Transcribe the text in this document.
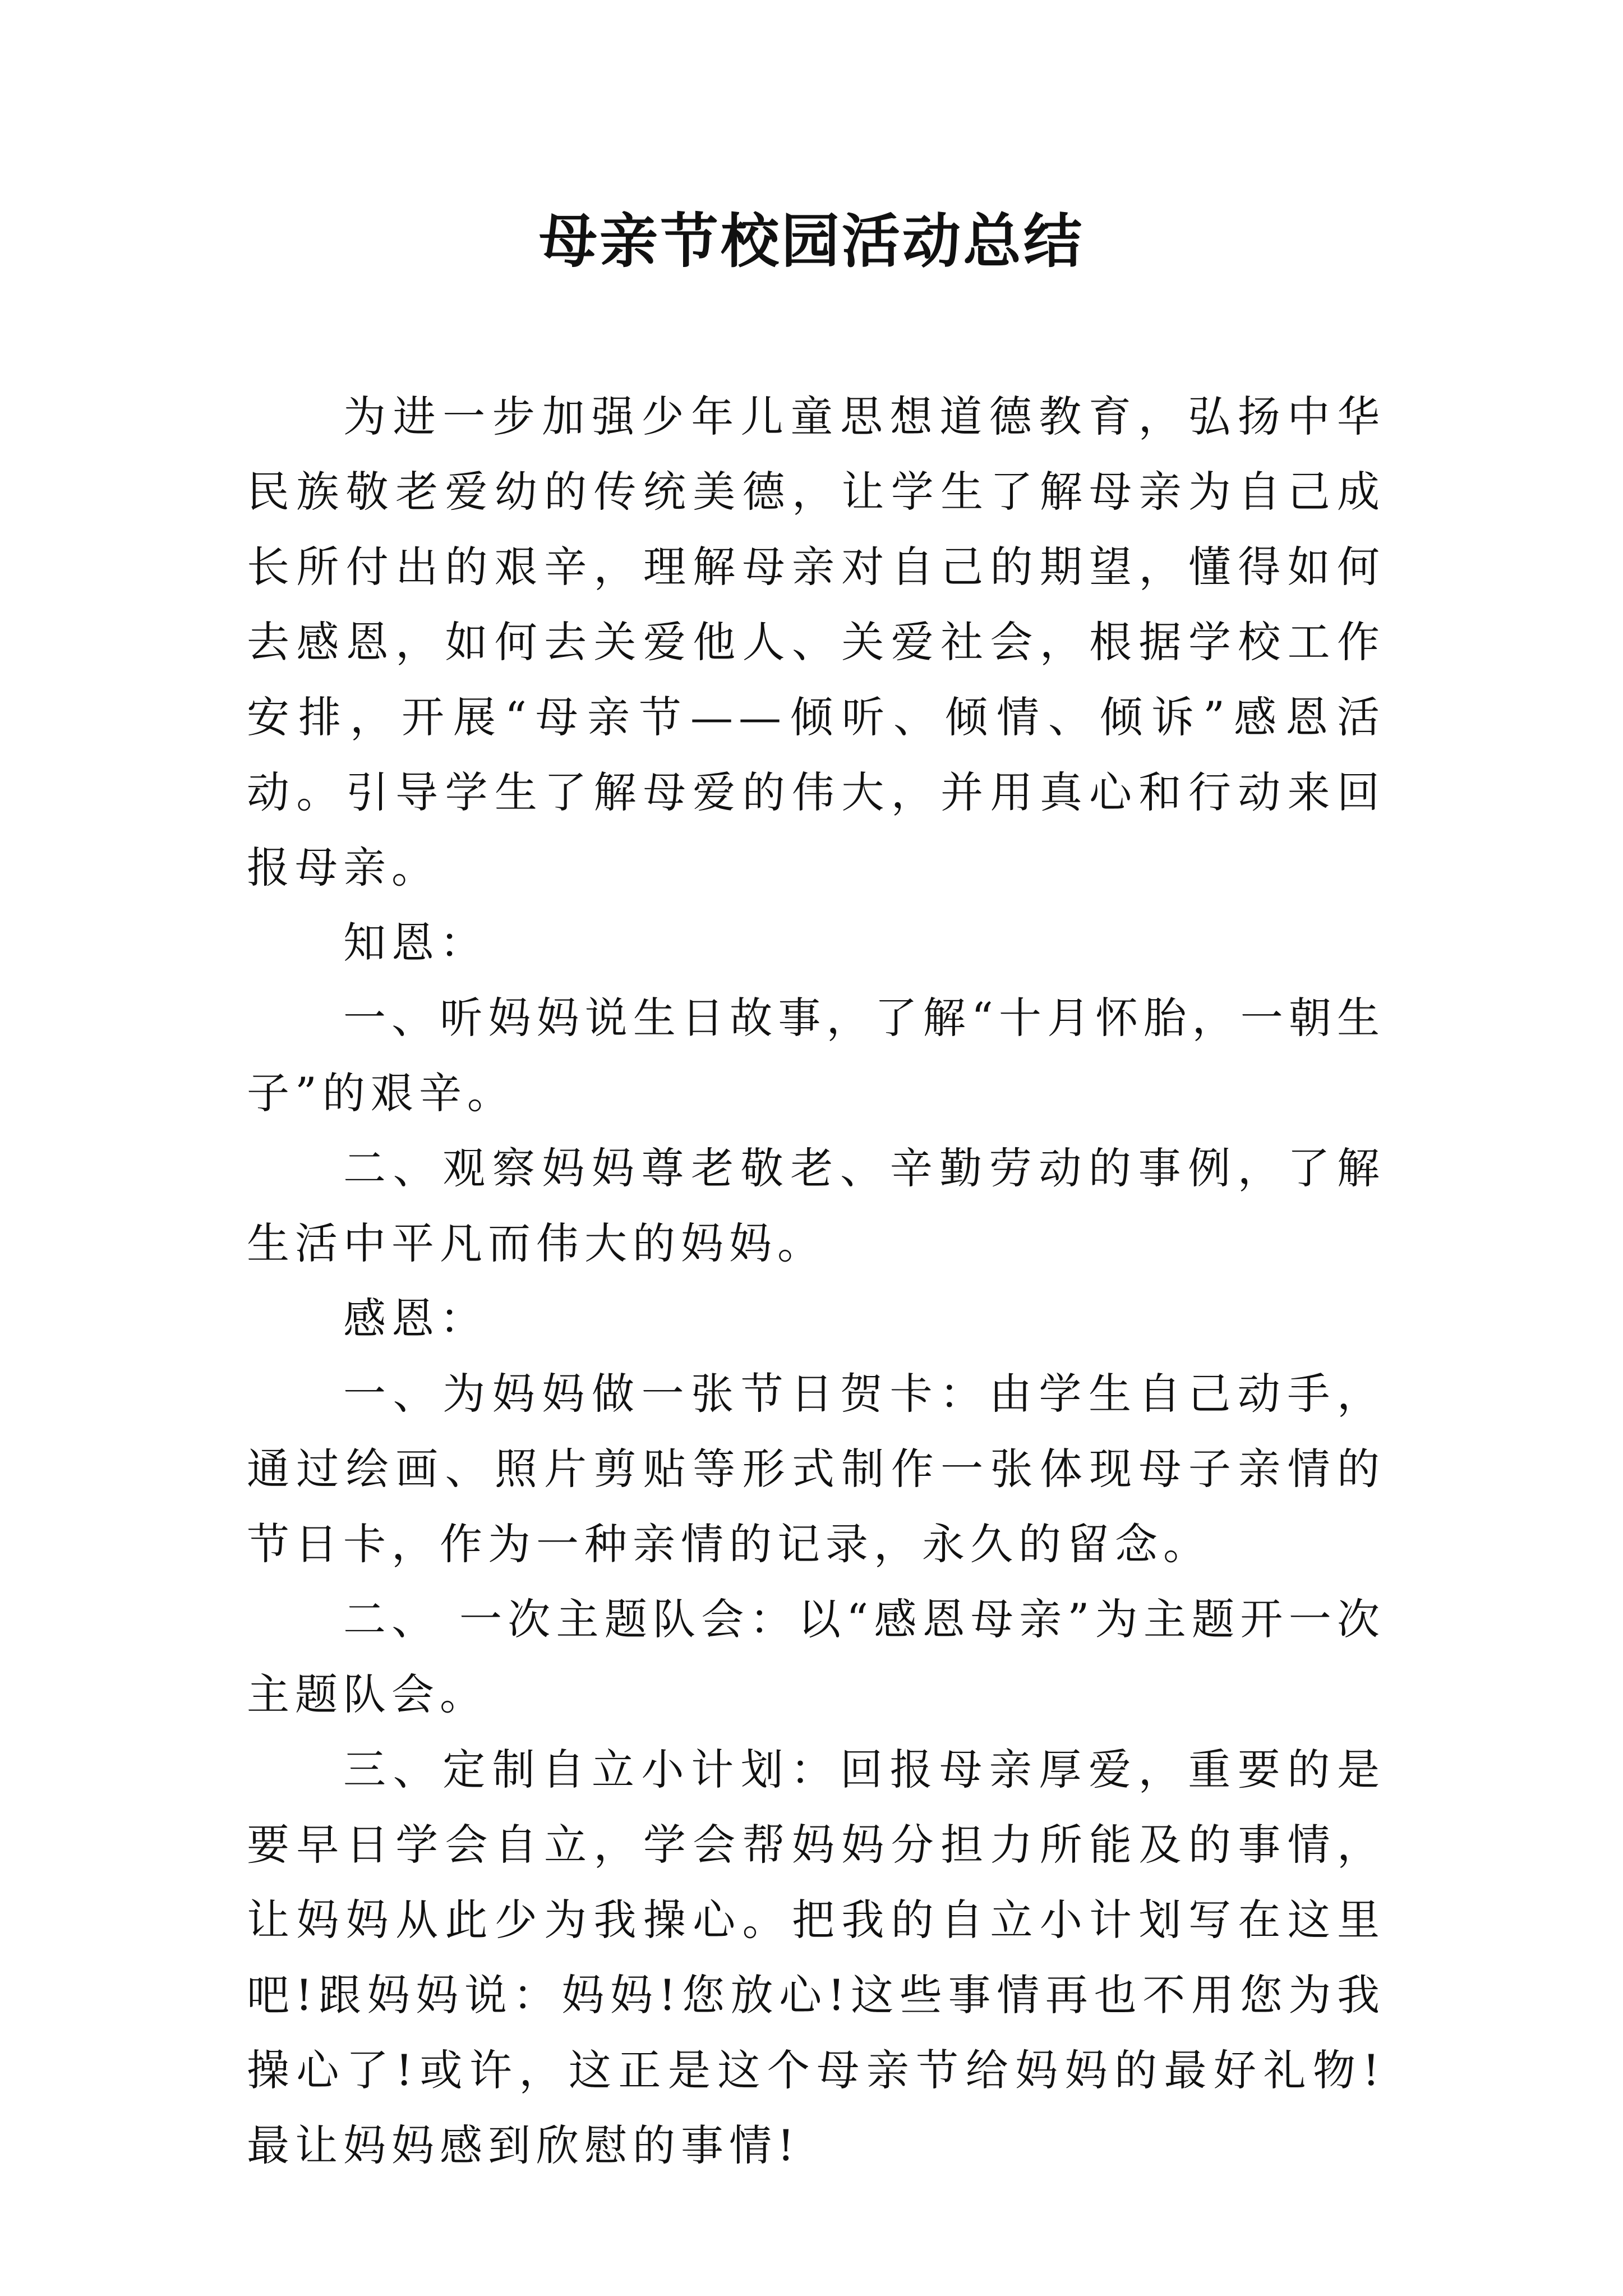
母亲节校园活动总结

为进一步加强少年儿童思想道德教育，弘扬中华民族敬老爱幼的传统美德，让学生了解母亲为自己成长所付出的艰辛，理解母亲对自己的期望，懂得如何去感恩，如何去关爱他人、关爱社会，根据学校工作安排，开展“母亲节——倾听、倾情、倾诉”感恩活动。引导学生了解母爱的伟大，并用真心和行动来回报母亲。

知恩：

一、听妈妈说生日故事，了解“十月怀胎，一朝生子”的艰辛。

二、观察妈妈尊老敬老、辛勤劳动的事例，了解生活中平凡而伟大的妈妈。

感恩：

一、为妈妈做一张节日贺卡：由学生自己动手，通过绘画、照片剪贴等形式制作一张体现母子亲情的节日卡，作为一种亲情的记录，永久的留念。

二、 一次主题队会：以“感恩母亲”为主题开一次主题队会。

三、定制自立小计划：回报母亲厚爱，重要的是要早日学会自立，学会帮妈妈分担力所能及的事情，让妈妈从此少为我操心。把我的自立小计划写在这里吧!跟妈妈说：妈妈!您放心!这些事情再也不用您为我操心了!或许，这正是这个母亲节给妈妈的最好礼物!最让妈妈感到欣慰的事情!
